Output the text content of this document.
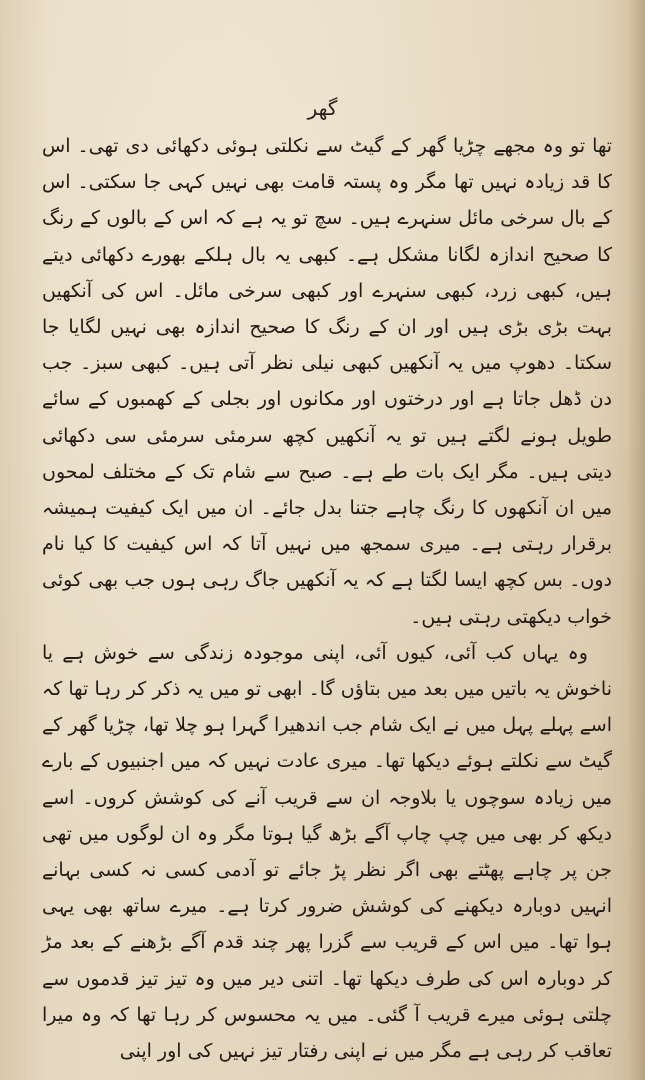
گھر

تھا تو وہ مجھے چڑیا گھر کے گیٹ سے نکلتی ہوئی دکھائی دی تھی۔ اس کا قد زیادہ نہیں تھا مگر وہ پستہ قامت بھی نہیں کہی جا سکتی۔ اس کے بال سرخی مائل سنہرے ہیں۔ سچ تو یہ ہے کہ اس کے بالوں کے رنگ کا صحیح اندازہ لگانا مشکل ہے۔ کبھی یہ بال ہلکے بھورے دکھائی دیتے ہیں، کبھی زرد، کبھی سنہرے اور کبھی سرخی مائل۔ اس کی آنکھیں بہت بڑی بڑی ہیں اور ان کے رنگ کا صحیح اندازہ بھی نہیں لگایا جا سکتا۔ دھوپ میں یہ آنکھیں کبھی نیلی نظر آتی ہیں۔ کبھی سبز۔ جب دن ڈھل جاتا ہے اور درختوں اور مکانوں اور بجلی کے کھمبوں کے سائے طویل ہونے لگتے ہیں تو یہ آنکھیں کچھ سرمئی سرمئی سی دکھائی دیتی ہیں۔ مگر ایک بات طے ہے۔ صبح سے شام تک کے مختلف لمحوں میں ان آنکھوں کا رنگ چاہے جتنا بدل جائے۔ ان میں ایک کیفیت ہمیشہ برقرار رہتی ہے۔ میری سمجھ میں نہیں آتا کہ اس کیفیت کا کیا نام دوں۔ بس کچھ ایسا لگتا ہے کہ یہ آنکھیں جاگ رہی ہوں جب بھی کوئی خواب دیکھتی رہتی ہیں۔

وہ یہاں کب آئی، کیوں آئی، اپنی موجودہ زندگی سے خوش ہے یا ناخوش یہ باتیں میں بعد میں بتاؤں گا۔ ابھی تو میں یہ ذکر کر رہا تھا کہ اسے پہلے پہل میں نے ایک شام جب اندھیرا گہرا ہو چلا تھا، چڑیا گھر کے گیٹ سے نکلتے ہوئے دیکھا تھا۔ میری عادت نہیں کہ میں اجنبیوں کے بارے میں زیادہ سوچوں یا بلاوجہ ان سے قریب آنے کی کوشش کروں۔ اسے دیکھ کر بھی میں چپ چاپ آگے بڑھ گیا ہوتا مگر وہ ان لوگوں میں تھی جن پر چاہے پھٹتے بھی اگر نظر پڑ جائے تو آدمی کسی نہ کسی بہانے انہیں دوبارہ دیکھنے کی کوشش ضرور کرتا ہے۔ میرے ساتھ بھی یہی ہوا تھا۔ میں اس کے قریب سے گزرا پھر چند قدم آگے بڑھنے کے بعد مڑ کر دوبارہ اس کی طرف دیکھا تھا۔ اتنی دیر میں وہ تیز تیز قدموں سے چلتی ہوئی میرے قریب آ گئی۔ میں یہ محسوس کر رہا تھا کہ وہ میرا تعاقب کر رہی ہے مگر میں نے اپنی رفتار تیز نہیں کی اور اپنی
